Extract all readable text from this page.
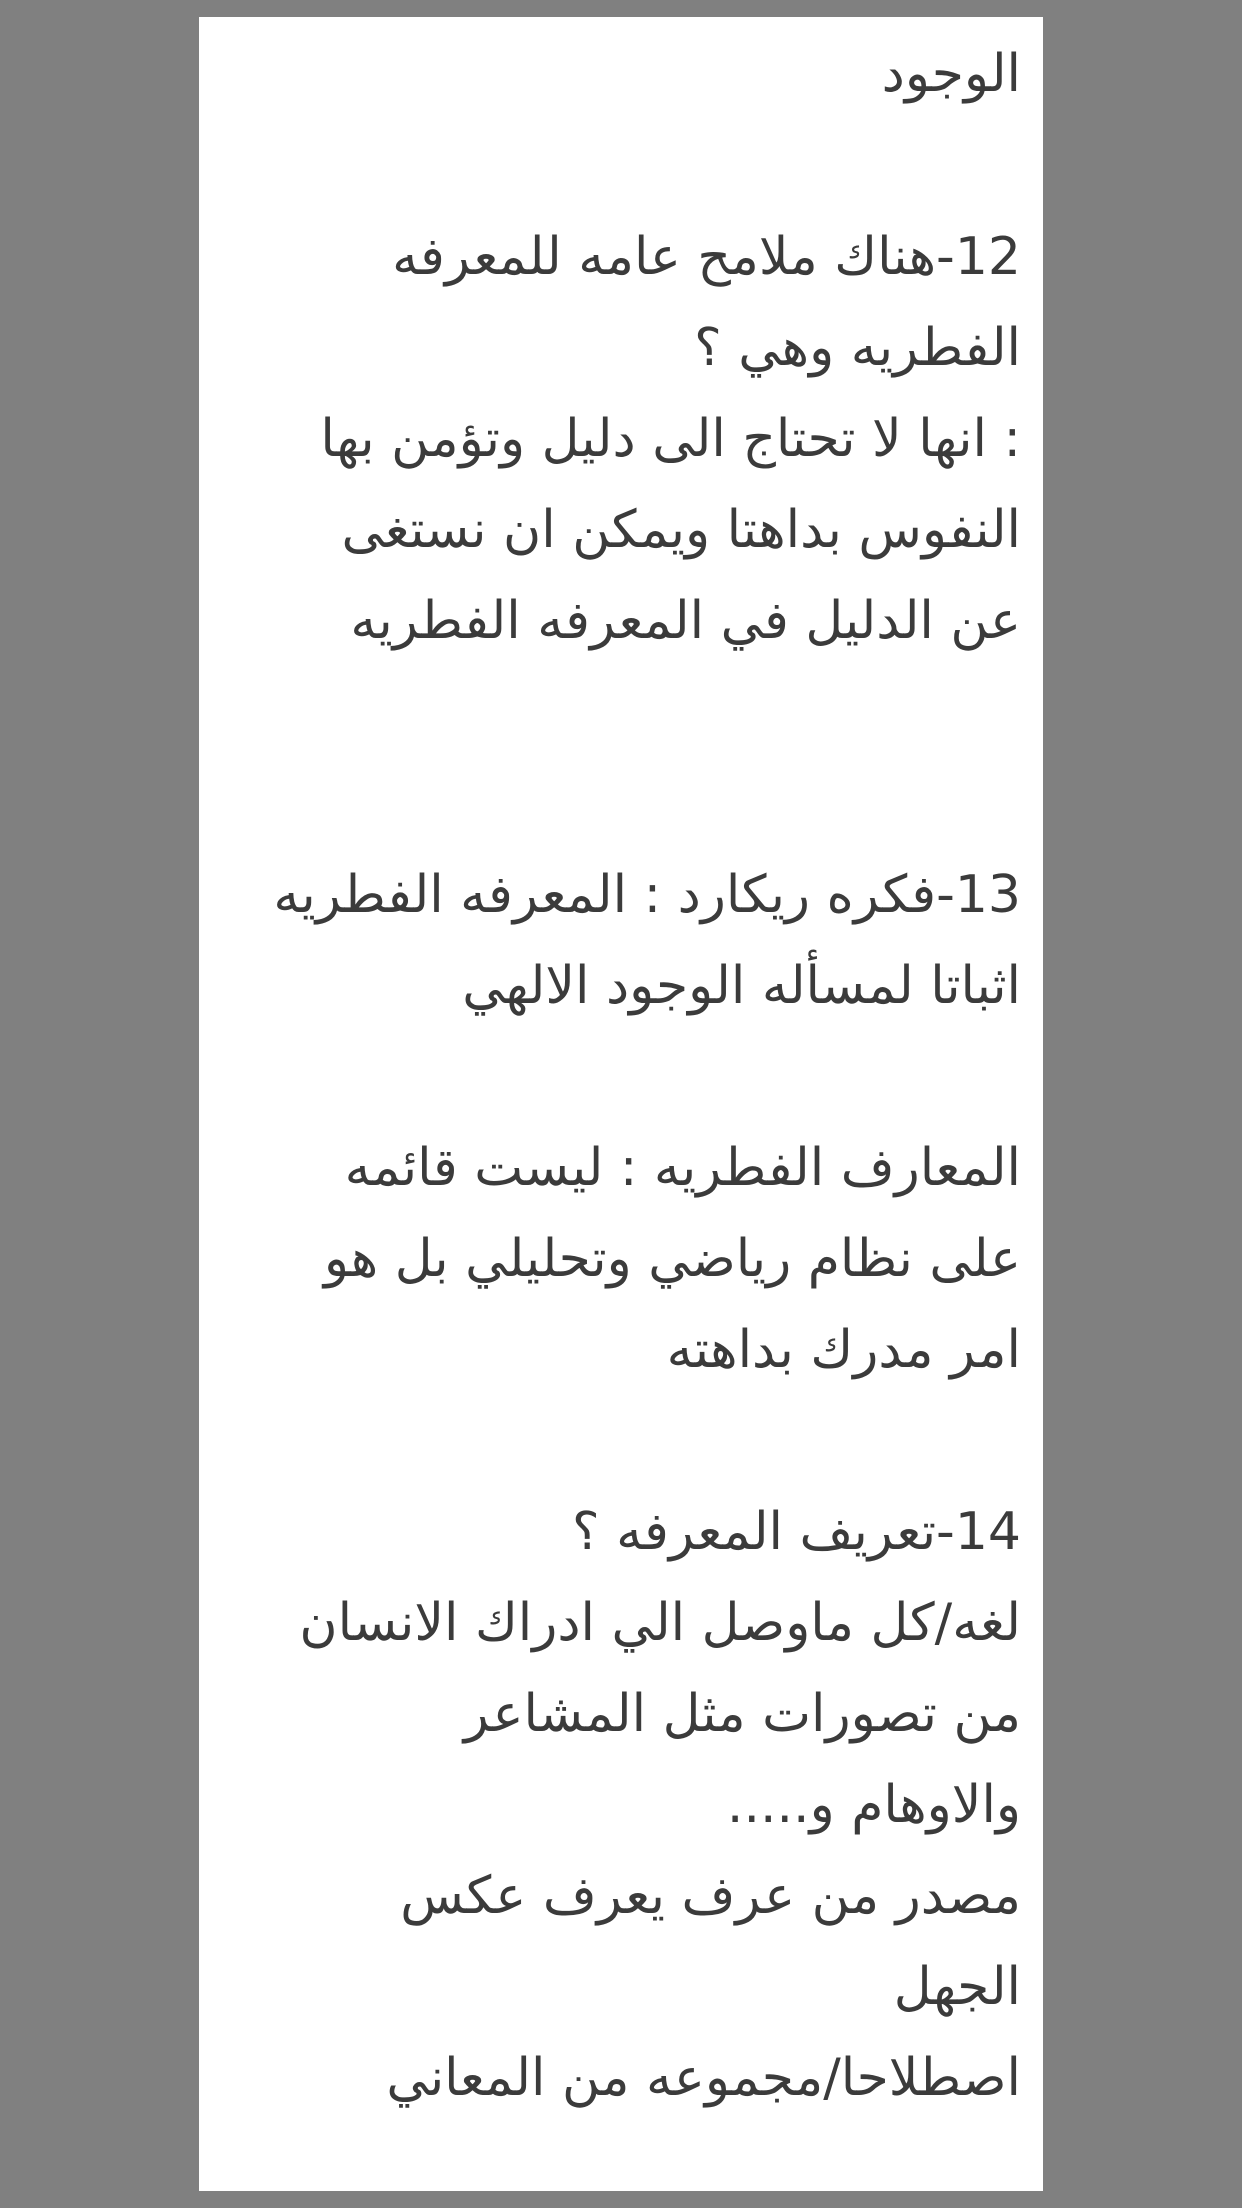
الوجود
12-هناك ملامح عامه للمعرفه
الفطريه وهي ؟
: انها لا تحتاج الى دليل وتؤمن بها
النفوس بداهتا ويمكن ان نستغى
عن الدليل في المعرفه الفطريه
13-فكره ريكارد : المعرفه الفطريه
اثباتا لمسأله الوجود الالهي
المعارف الفطريه : ليست قائمه
على نظام رياضي وتحليلي بل هو
امر مدرك بداهته
14-تعريف المعرفه ؟
لغه/كل ماوصل الي ادراك الانسان
من تصورات مثل المشاعر
والاوهام و.....
مصدر من عرف يعرف عكس
الجهل
اصطلاحا/مجموعه من المعاني
